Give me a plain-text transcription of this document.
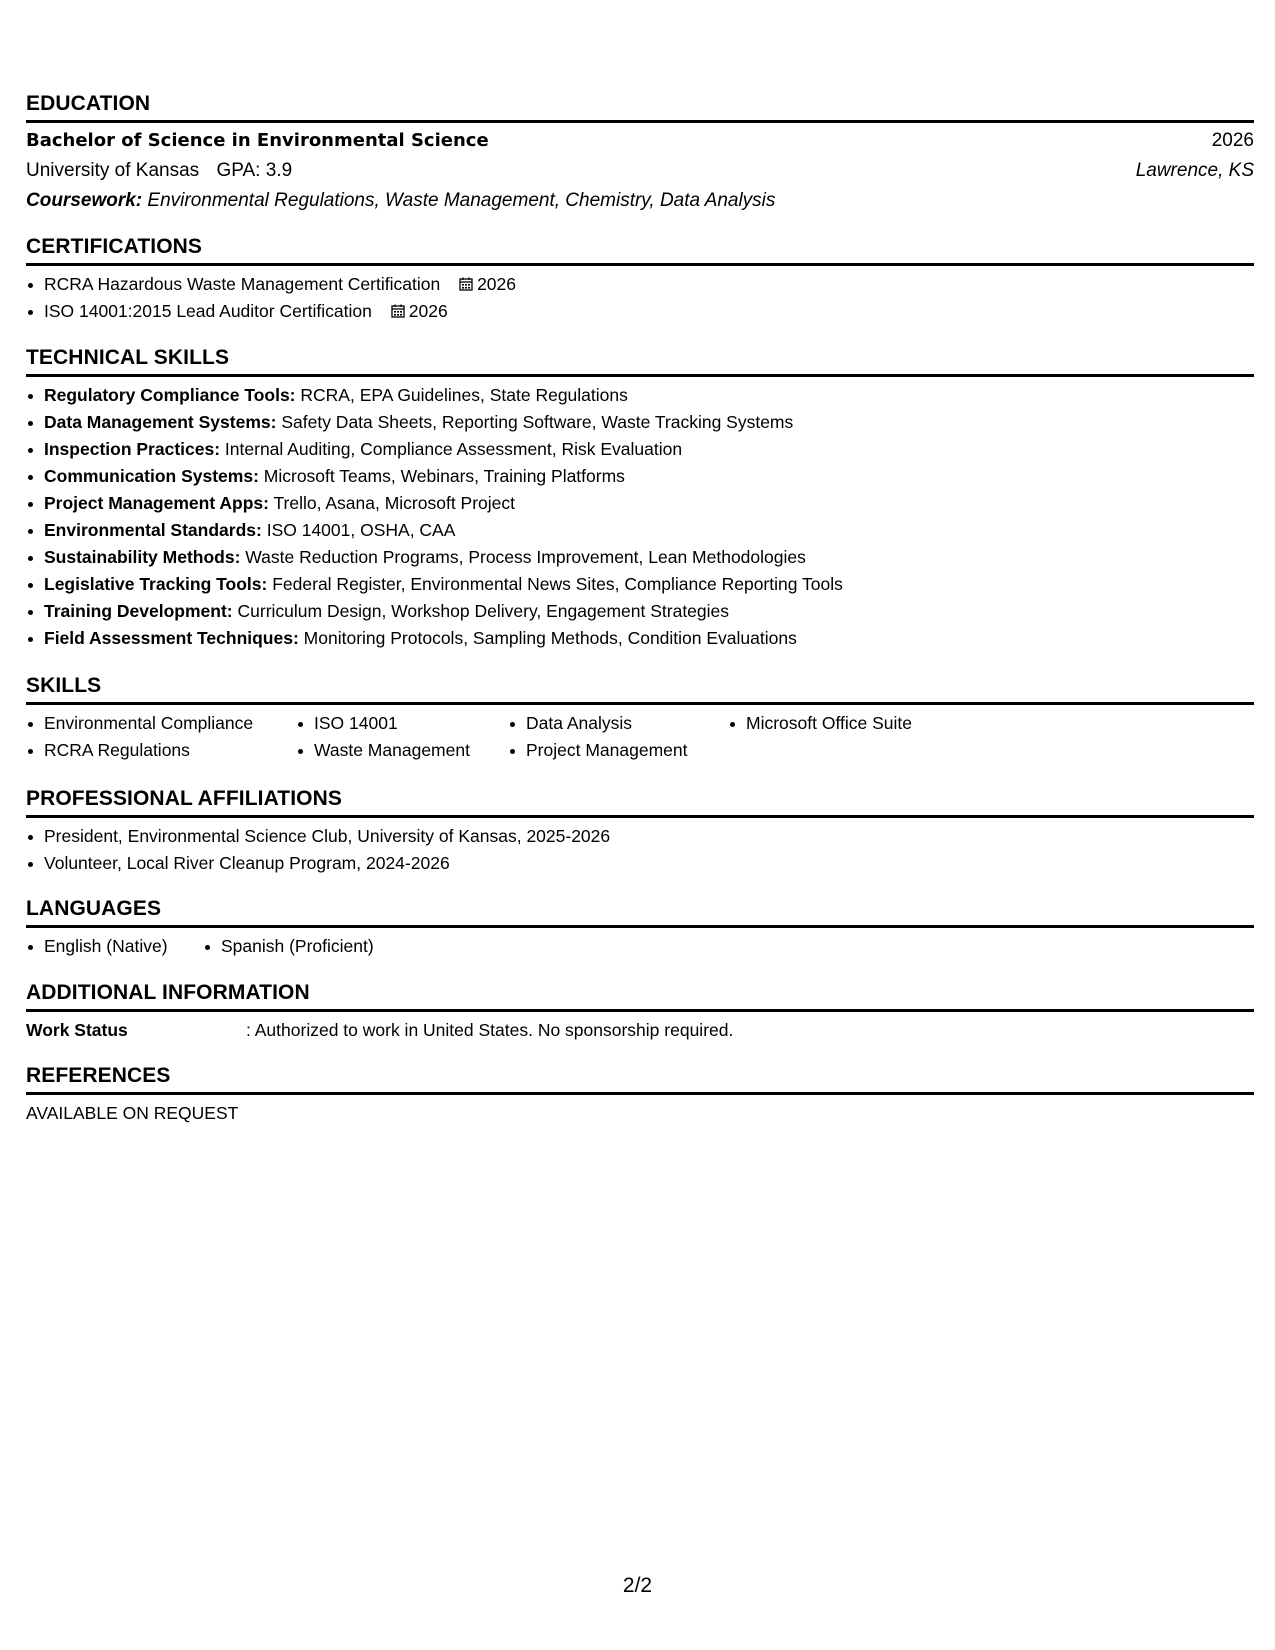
EDUCATION
Bachelor of Science in Environmental Science	2026
University of Kansas GPA: 3.9	Lawrence, KS
Coursework: Environmental Regulations, Waste Management, Chemistry, Data Analysis
CERTIFICATIONS
RCRA Hazardous Waste Management Certification 2026
ISO 14001:2015 Lead Auditor Certification 2026
TECHNICAL SKILLS
Regulatory Compliance Tools: RCRA, EPA Guidelines, State Regulations
Data Management Systems: Safety Data Sheets, Reporting Software, Waste Tracking Systems
Inspection Practices: Internal Auditing, Compliance Assessment, Risk Evaluation
Communication Systems: Microsoft Teams, Webinars, Training Platforms
Project Management Apps: Trello, Asana, Microsoft Project
Environmental Standards: ISO 14001, OSHA, CAA
Sustainability Methods: Waste Reduction Programs, Process Improvement, Lean Methodologies
Legislative Tracking Tools: Federal Register, Environmental News Sites, Compliance Reporting Tools
Training Development: Curriculum Design, Workshop Delivery, Engagement Strategies
Field Assessment Techniques: Monitoring Protocols, Sampling Methods, Condition Evaluations
SKILLS
Environmental Compliance
RCRA Regulations
ISO 14001
Waste Management
Data Analysis
Project Management
Microsoft Office Suite
PROFESSIONAL AFFILIATIONS
President, Environmental Science Club, University of Kansas, 2025-2026
Volunteer, Local River Cleanup Program, 2024-2026
LANGUAGES
English (Native)	Spanish (Proficient)
ADDITIONAL INFORMATION
Work Status	: Authorized to work in United States. No sponsorship required.
REFERENCES
AVAILABLE ON REQUEST
2/2
